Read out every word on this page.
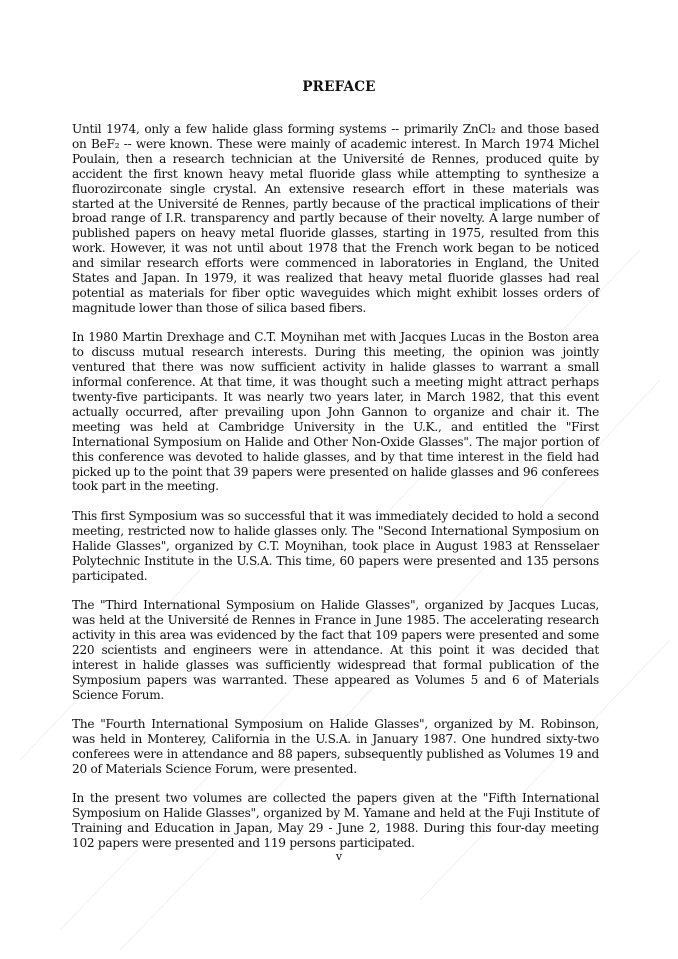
PREFACE

Until 1974, only a few halide glass forming systems -- primarily ZnCl₂ and those based on BeF₂ -- were known. These were mainly of academic interest. In March 1974 Michel Poulain, then a research technician at the Université de Rennes, produced quite by accident the first known heavy metal fluoride glass while attempting to synthesize a fluorozirconate single crystal. An extensive research effort in these materials was started at the Université de Rennes, partly because of the practical implications of their broad range of I.R. transparency and partly because of their novelty. A large number of published papers on heavy metal fluoride glasses, starting in 1975, resulted from this work. However, it was not until about 1978 that the French work began to be noticed and similar research efforts were commenced in laboratories in England, the United States and Japan. In 1979, it was realized that heavy metal fluoride glasses had real potential as materials for fiber optic waveguides which might exhibit losses orders of magnitude lower than those of silica based fibers.

In 1980 Martin Drexhage and C.T. Moynihan met with Jacques Lucas in the Boston area to discuss mutual research interests. During this meeting, the opinion was jointly ventured that there was now sufficient activity in halide glasses to warrant a small informal conference. At that time, it was thought such a meeting might attract perhaps twenty-five participants. It was nearly two years later, in March 1982, that this event actually occurred, after prevailing upon John Gannon to organize and chair it. The meeting was held at Cambridge University in the U.K., and entitled the "First International Symposium on Halide and Other Non-Oxide Glasses". The major portion of this conference was devoted to halide glasses, and by that time interest in the field had picked up to the point that 39 papers were presented on halide glasses and 96 conferees took part in the meeting.

This first Symposium was so successful that it was immediately decided to hold a second meeting, restricted now to halide glasses only. The "Second International Symposium on Halide Glasses", organized by C.T. Moynihan, took place in August 1983 at Rensselaer Polytechnic Institute in the U.S.A. This time, 60 papers were presented and 135 persons participated.

The "Third International Symposium on Halide Glasses", organized by Jacques Lucas, was held at the Université de Rennes in France in June 1985. The accelerating research activity in this area was evidenced by the fact that 109 papers were presented and some 220 scientists and engineers were in attendance. At this point it was decided that interest in halide glasses was sufficiently widespread that formal publication of the Symposium papers was warranted. These appeared as Volumes 5 and 6 of Materials Science Forum.

The "Fourth International Symposium on Halide Glasses", organized by M. Robinson, was held in Monterey, California in the U.S.A. in January 1987. One hundred sixty-two conferees were in attendance and 88 papers, subsequently published as Volumes 19 and 20 of Materials Science Forum, were presented.

In the present two volumes are collected the papers given at the "Fifth International Symposium on Halide Glasses", organized by M. Yamane and held at the Fuji Institute of Training and Education in Japan, May 29 - June 2, 1988. During this four-day meeting 102 papers were presented and 119 persons participated.

v
